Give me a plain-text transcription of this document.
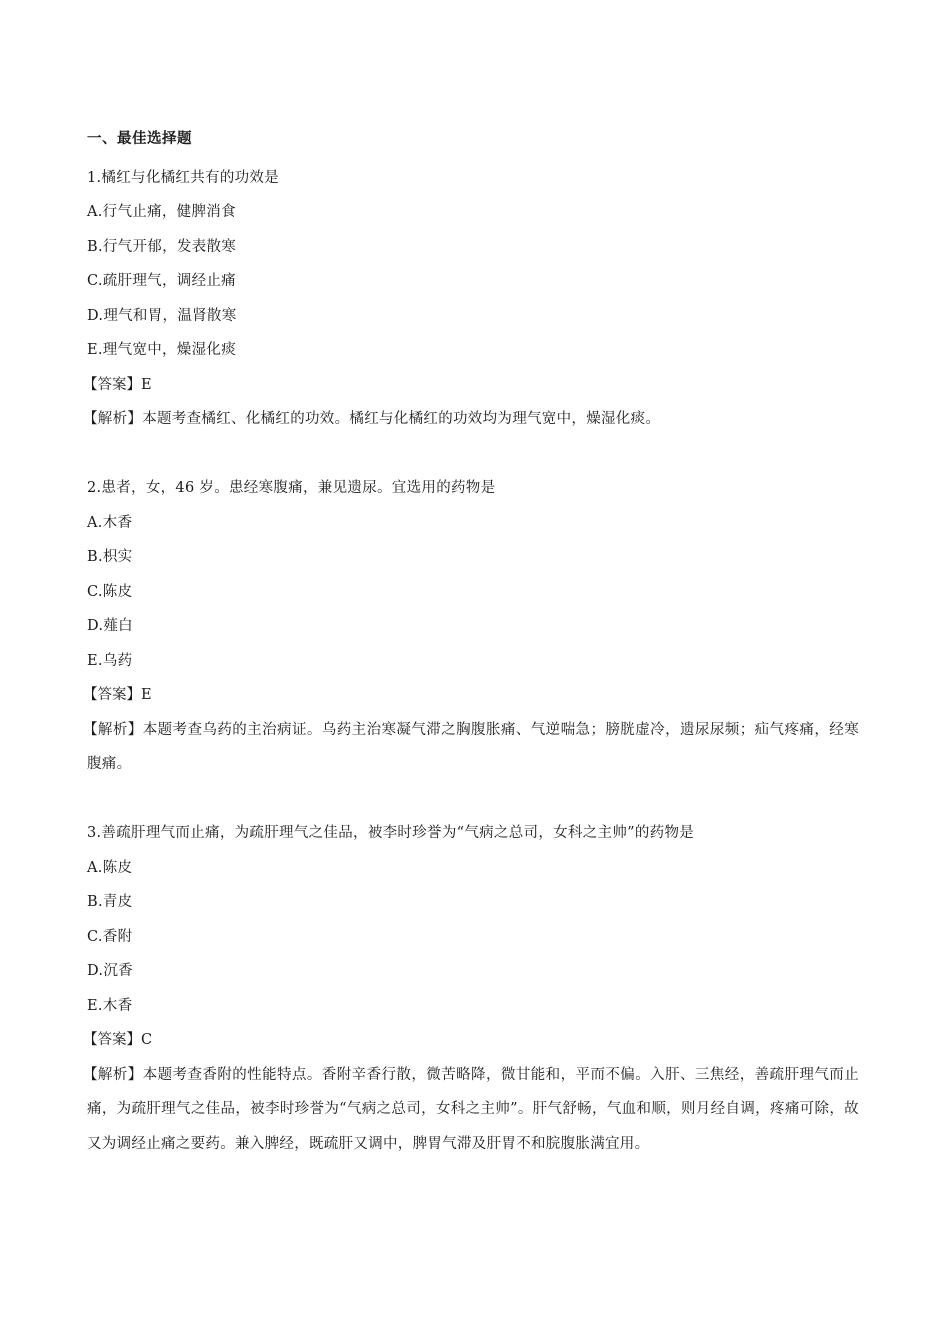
一、最佳选择题

1.橘红与化橘红共有的功效是

A.行气止痛，健脾消食

B.行气开郁，发表散寒

C.疏肝理气，调经止痛

D.理气和胃，温肾散寒

E.理气宽中，燥湿化痰

【答案】E

【解析】本题考查橘红、化橘红的功效。橘红与化橘红的功效均为理气宽中，燥湿化痰。

2.患者，女，46 岁。患经寒腹痛，兼见遗尿。宜选用的药物是

A.木香

B.枳实

C.陈皮

D.薤白

E.乌药

【答案】E

【解析】本题考查乌药的主治病证。乌药主治寒凝气滞之胸腹胀痛、气逆喘急；膀胱虚冷，遗尿尿频；疝气疼痛，经寒腹痛。

3.善疏肝理气而止痛，为疏肝理气之佳品，被李时珍誉为“气病之总司，女科之主帅”的药物是

A.陈皮

B.青皮

C.香附

D.沉香

E.木香

【答案】C

【解析】本题考查香附的性能特点。香附辛香行散，微苦略降，微甘能和，平而不偏。入肝、三焦经，善疏肝理气而止痛，为疏肝理气之佳品，被李时珍誉为“气病之总司，女科之主帅”。肝气舒畅，气血和顺，则月经自调，疼痛可除，故又为调经止痛之要药。兼入脾经，既疏肝又调中，脾胃气滞及肝胃不和脘腹胀满宜用。
